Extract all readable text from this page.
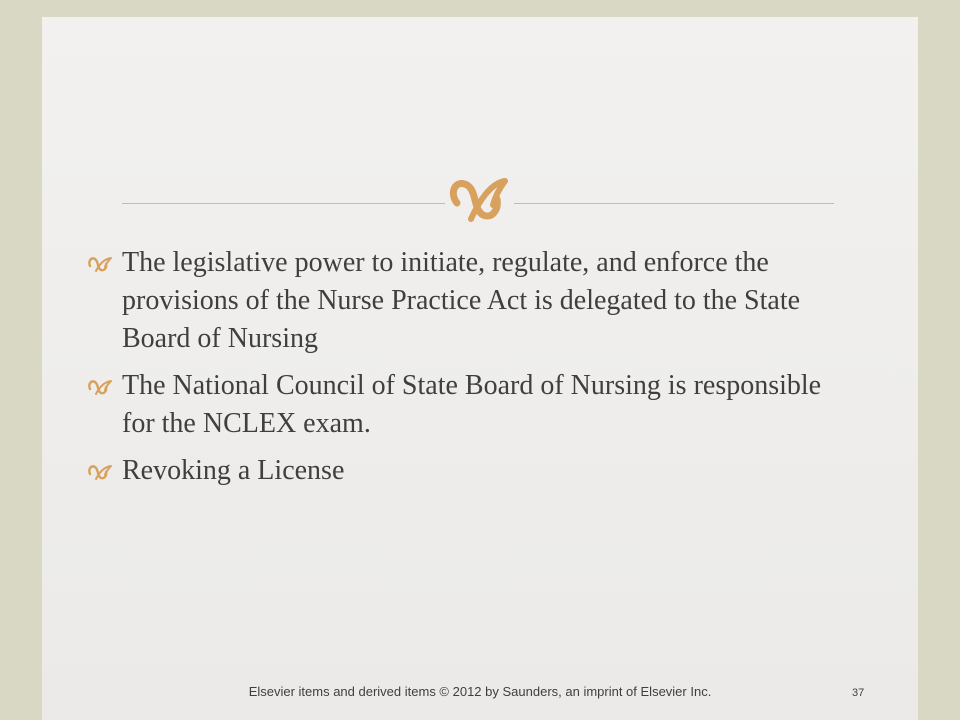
The legislative power to initiate, regulate, and enforce the provisions of the Nurse Practice Act is delegated to the State Board of Nursing
The National Council of State Board of Nursing is responsible for the NCLEX exam.
Revoking a License
Elsevier items and derived items © 2012 by Saunders, an imprint of Elsevier Inc.	37
